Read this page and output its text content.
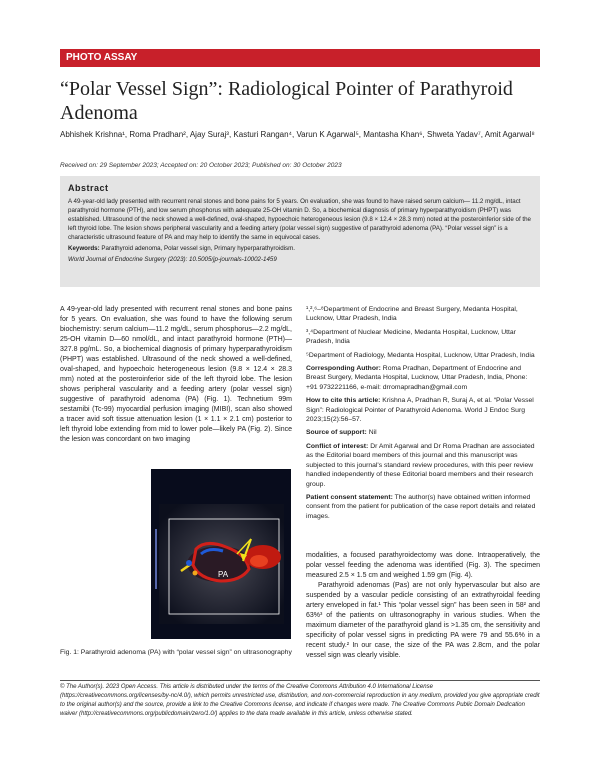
PHOTO ASSAY
“Polar Vessel Sign”: Radiological Pointer of Parathyroid Adenoma
Abhishek Krishna¹, Roma Pradhan², Ajay Suraj³, Kasturi Rangan⁴, Varun K Agarwal⁵, Mantasha Khan⁶, Shweta Yadav⁷, Amit Agarwal⁸
Received on: 29 September 2023; Accepted on: 20 October 2023; Published on: 30 October 2023
Abstract
A 49-year-old lady presented with recurrent renal stones and bone pains for 5 years. On evaluation, she was found to have raised serum calcium— 11.2 mg/dL, intact parathyroid hormone (PTH), and low serum phosphorus with adequate 25-OH vitamin D. So, a biochemical diagnosis of primary hyperparathyroidism (PHPT) was established. Ultrasound of the neck showed a well-defined, oval-shaped, hypoechoic heterogeneous lesion (9.8 × 12.4 × 28.3 mm) noted at the posteroinferior side of the left thyroid lobe. The lesion shows peripheral vascularity and a feeding artery (polar vessel sign) suggestive of parathyroid adenoma (PA). “Polar vessel sign” is a characteristic ultrasound feature of PA and may help to identify the same in equivocal cases.
Keywords: Parathyroid adenoma, Polar vessel sign, Primary hyperparathyroidism.
World Journal of Endocrine Surgery (2023): 10.5005/jp-journals-10002-1459
A 49-year-old lady presented with recurrent renal stones and bone pains for 5 years. On evaluation, she was found to have the following serum biochemistry: serum calcium—11.2 mg/dL, serum phosphorus—2.2 mg/dL, 25-OH vitamin D—60 nmol/dL, and intact parathyroid hormone (PTH)—327.8 pg/mL. So, a biochemical diagnosis of primary hyperparathyroidism (PHPT) was established. Ultrasound of the neck showed a well-defined, oval-shaped, and hypoechoic heterogeneous lesion (9.8 × 12.4 × 28.3 mm) noted at the posteroinferior side of the left thyroid lobe. The lesion shows peripheral vascularity and a feeding artery (polar vessel sign) suggestive of parathyroid adenoma (PA) (Fig. 1). Technetium 99m sestamibi (Tc-99) myocardial perfusion imaging (MIBI), scan also showed a tracer avid soft tissue attenuation lesion (1 × 1.1 × 2.1 cm) posterior to left thyroid lobe extending from mid to lower pole—likely PA (Fig. 2). Since the lesion was concordant on two imaging
PA
Fig. 1: Parathyroid adenoma (PA) with “polar vessel sign” on ultrasonography

¹,²,⁶–⁸Department of Endocrine and Breast Surgery, Medanta Hospital, Lucknow, Uttar Pradesh, India

³,⁴Department of Nuclear Medicine, Medanta Hospital, Lucknow, Uttar Pradesh, India

⁵Department of Radiology, Medanta Hospital, Lucknow, Uttar Pradesh, India

Corresponding Author: Roma Pradhan, Department of Endocrine and Breast Surgery, Medanta Hospital, Lucknow, Uttar Pradesh, India, Phone: +91 9732221166, e-mail: drromapradhan@gmail.com

How to cite this article: Krishna A, Pradhan R, Suraj A, et al. “Polar Vessel Sign”: Radiological Pointer of Parathyroid Adenoma. World J Endoc Surg 2023;15(2):56–57.

Source of support: Nil

Conflict of interest: Dr Amit Agarwal and Dr Roma Pradhan are associated as the Editorial board members of this journal and this manuscript was subjected to this journal's standard review procedures, with this peer review handled independently of these Editorial board members and their research group.

Patient consent statement: The author(s) have obtained written informed consent from the patient for publication of the case report details and related images.

modalities, a focused parathyroidectomy was done. Intraoperatively, the polar vessel feeding the adenoma was identified (Fig. 3). The specimen measured 2.5 × 1.5 cm and weighed 1.59 gm (Fig. 4).

Parathyroid adenomas (Pas) are not only hypervascular but also are suspended by a vascular pedicle consisting of an extrathyroidal feeding artery enveloped in fat.¹ This “polar vessel sign” has been seen in 58² and 63%³ of the patients on ultrasonography in various studies. When the maximum diameter of the parathyroid gland is >1.35 cm, the sensitivity and specificity of polar vessel signs in predicting PA were 79 and 55.6% in a recent study.² In our case, the size of the PA was 2.8cm, and the polar vessel sign was clearly visible.

© The Author(s). 2023 Open Access. This article is distributed under the terms of the Creative Commons Attribution 4.0 International License (https://creativecommons.org/licenses/by-nc/4.0/), which permits unrestricted use, distribution, and non-commercial reproduction in any medium, provided you give appropriate credit to the original author(s) and the source, provide a link to the Creative Commons license, and indicate if changes were made. The Creative Commons Public Domain Dedication waiver (http://creativecommons.org/publicdomain/zero/1.0/) applies to the data made available in this article, unless otherwise stated.
